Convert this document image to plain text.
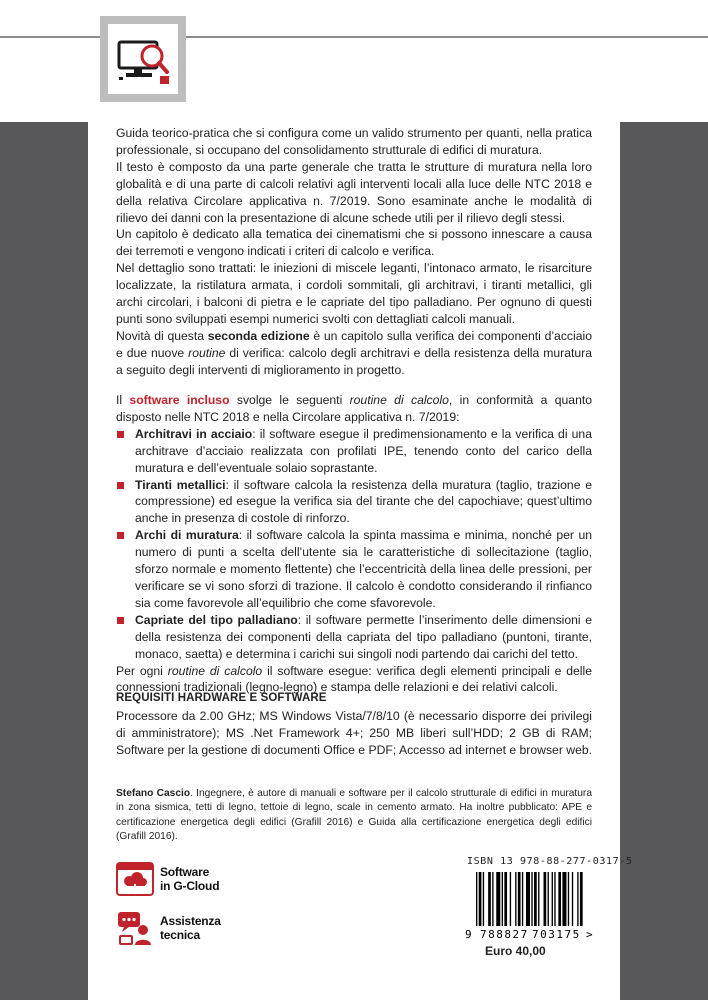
Guida teorico-pratica che si configura come un valido strumento per quanti, nella pratica professionale, si occupano del consolidamento strutturale di edifici di muratura.

Il testo è composto da una parte generale che tratta le strutture di muratura nella loro globalità e di una parte di calcoli relativi agli interventi locali alla luce delle NTC 2018 e della relativa Circolare applicativa n. 7/2019. Sono esaminate anche le modalità di rilievo dei danni con la presentazione di alcune schede utili per il rilievo degli stessi.

Un capitolo è dedicato alla tematica dei cinematismi che si possono innescare a causa dei terremoti e vengono indicati i criteri di calcolo e verifica.

Nel dettaglio sono trattati: le iniezioni di miscele leganti, l’intonaco armato, le risarciture localizzate, la ristilatura armata, i cordoli sommitali, gli architravi, i tiranti metallici, gli archi circolari, i balconi di pietra e le capriate del tipo palladiano. Per ognuno di questi punti sono sviluppati esempi numerici svolti con dettagliati calcoli manuali.

Novità di questa seconda edizione è un capitolo sulla verifica dei componenti d’acciaio e due nuove routine di verifica: calcolo degli architravi e della resistenza della muratura a seguito degli interventi di miglioramento in progetto.

Il software incluso svolge le seguenti routine di calcolo, in conformità a quanto disposto nelle NTC 2018 e nella Circolare applicativa n. 7/2019:

Architravi in acciaio: il software esegue il predimensionamento e la verifica di una architrave d’acciaio realizzata con profilati IPE, tenendo conto del carico della muratura e dell’eventuale solaio soprastante.
Tiranti metallici: il software calcola la resistenza della muratura (taglio, trazione e compressione) ed esegue la verifica sia del tirante che del capochiave; quest’ultimo anche in presenza di costole di rinforzo.
Archi di muratura: il software calcola la spinta massima e minima, nonché per un numero di punti a scelta dell’utente sia le caratteristiche di sollecitazione (taglio, sforzo normale e momento flettente) che l’eccentricità della linea delle pressioni, per verificare se vi sono sforzi di trazione. Il calcolo è condotto considerando il rinfianco sia come favorevole all’equilibrio che come sfavorevole.
Capriate del tipo palladiano: il software permette l’inserimento delle dimensioni e della resistenza dei componenti della capriata del tipo palladiano (puntoni, tirante, monaco, saetta) e determina i carichi sui singoli nodi partendo dai carichi del tetto.

Per ogni routine di calcolo il software esegue: verifica degli elementi principali e delle connessioni tradizionali (legno-legno) e stampa delle relazioni e dei relativi calcoli.

REQUISITI HARDWARE E SOFTWARE

Processore da 2.00 GHz; MS Windows Vista/7/8/10 (è necessario disporre dei privilegi di amministratore); MS .Net Framework 4+; 250 MB liberi sull’HDD; 2 GB di RAM; Software per la gestione di documenti Office e PDF; Accesso ad internet e browser web.

Stefano Cascio. Ingegnere, è autore di manuali e software per il calcolo strutturale di edifici in muratura in zona sismica, tetti di legno, tettoie di legno, scale in cemento armato. Ha inoltre pubblicato: APE e certificazione energetica degli edifici (Grafill 2016) e Guida alla certificazione energetica degli edifici (Grafill 2016).

Software
in G-Cloud
Assistenza
tecnica
ISBN 13 978-88-277-0317-5
9 788827 703175 >
Euro 40,00
